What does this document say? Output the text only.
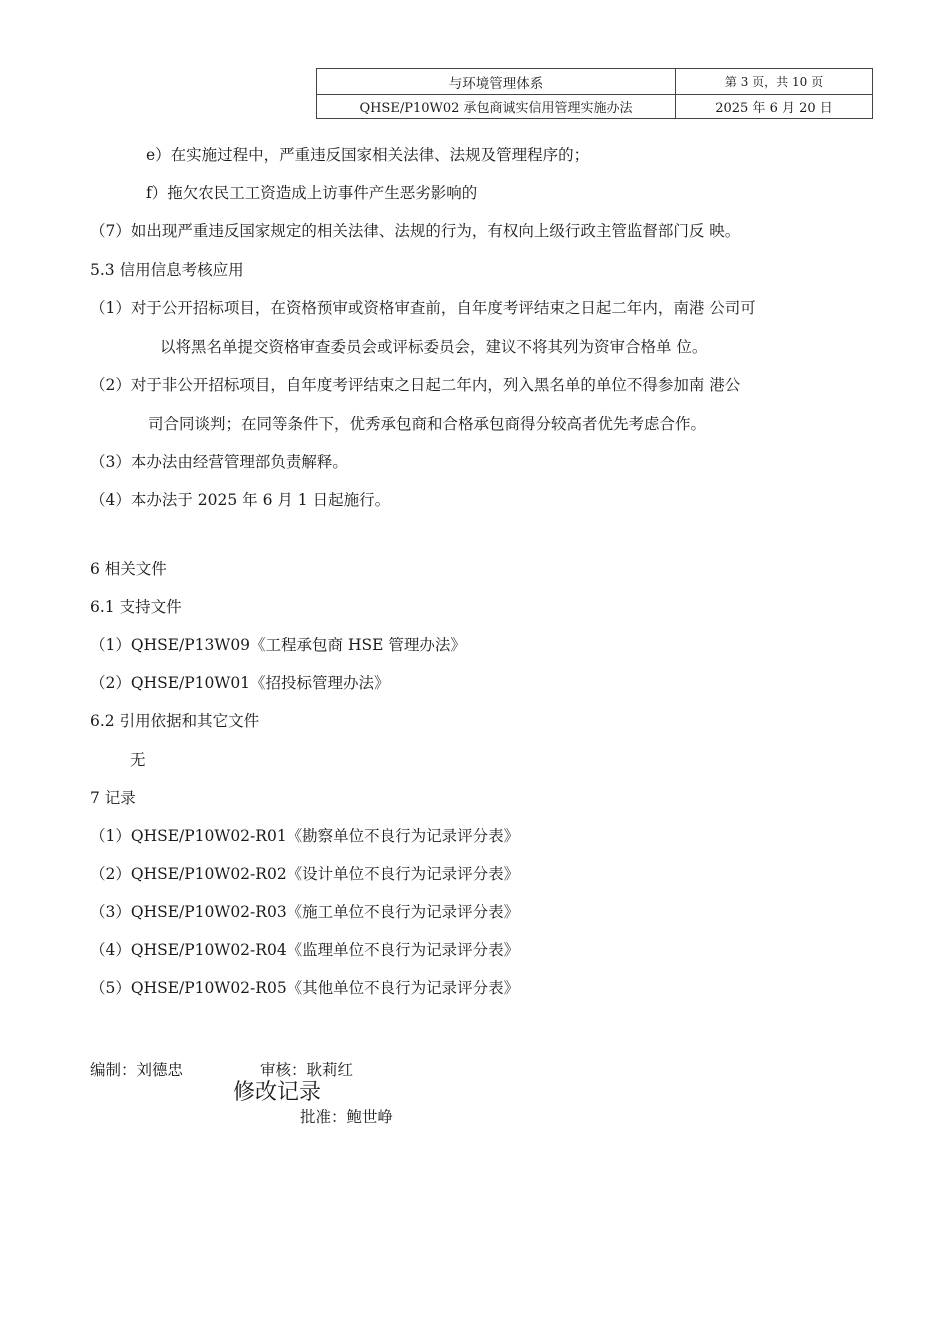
与环境管理体系	第 3 页，共 10 页
QHSE/P10W02 承包商诚实信用管理实施办法	2025 年 6 月 20 日
e）在实施过程中，严重违反国家相关法律、法规及管理程序的；
f）拖欠农民工工资造成上访事件产生恶劣影响的
（7）如出现严重违反国家规定的相关法律、法规的行为，有权向上级行政主管监督部门反 映。
5.3 信用信息考核应用
（1）对于公开招标项目，在资格预审或资格审查前，自年度考评结束之日起二年内，南港 公司可
以将黑名单提交资格审查委员会或评标委员会，建议不将其列为资审合格单 位。
（2）对于非公开招标项目，自年度考评结束之日起二年内，列入黑名单的单位不得参加南 港公
司合同谈判；在同等条件下，优秀承包商和合格承包商得分较高者优先考虑合作。
（3）本办法由经营管理部负责解释。
（4）本办法于 2025 年 6 月 1 日起施行。
6 相关文件
6.1 支持文件
（1）QHSE/P13W09《工程承包商 HSE 管理办法》
（2）QHSE/P10W01《招投标管理办法》
6.2 引用依据和其它文件
无
7 记录
（1）QHSE/P10W02-R01《勘察单位不良行为记录评分表》
（2）QHSE/P10W02-R02《设计单位不良行为记录评分表》
（3）QHSE/P10W02-R03《施工单位不良行为记录评分表》
（4）QHSE/P10W02-R04《监理单位不良行为记录评分表》
（5）QHSE/P10W02-R05《其他单位不良行为记录评分表》
编制：刘德忠	审核：耿莉红
修改记录
批准：鲍世峥
